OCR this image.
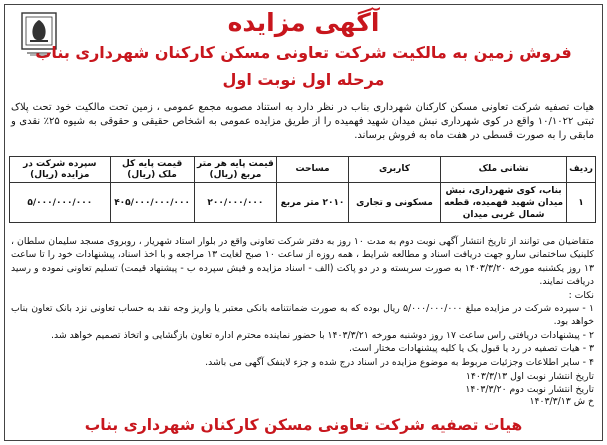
آگهی مزایده
فروش زمین به مالکیت شرکت تعاونی مسکن کارکنان شهرداری بناب
مرحله اول نوبت اول

هیات تصفیه شرکت تعاونی مسکن کارکنان شهرداری بناب در نظر دارد به استناد مصوبه مجمع عمومی ، زمین تحت مالکیت خود تحت پلاک ثبتی ۱۰/۱۰۲۲ واقع در کوی شهرداری نبش میدان شهید فهمیده را از طریق مزایده عمومی به اشخاص حقیقی و حقوقی به شیوه ۲۵٪ نقدی و مابقی را به صورت قسطی در هفت ماه به فروش برساند.

ردیف	نشانی ملک	کاربری	مساحت	قیمت پایه هر متر مربع (ریال)	قیمت پایه کل ملک (ریال)	سپرده شرکت در مزایده (ریال)
۱	بناب، کوی شهرداری، نبش میدان شهید فهمیده، قطعه شمال غربی میدان	مسکونی و تجاری	۲۰۱۰ متر مربع	۲۰۰/۰۰۰/۰۰۰	۴۰۵/۰۰۰/۰۰۰/۰۰۰	۵/۰۰۰/۰۰۰/۰۰۰

متقاضیان می توانند از تاریخ انتشار آگهی نوبت دوم به مدت ۱۰ روز به دفتر شرکت تعاونی واقع در بلوار استاد شهریار ، روبروی مسجد سلیمان سلطان ، کلینیک ساختمانی سارو جهت دریافت اسناد و مطالعه شرایط ، همه روزه از ساعت ۱۰ صبح لغایت ۱۳ مراجعه و با اخذ اسناد، پیشنهادات خود را تا ساعت ۱۳ روز یکشنبه مورخه ۱۴۰۳/۳/۲۰ به صورت سربسته و در دو پاکت (الف - اسناد مزایده و فیش سپرده ب - پیشنهاد قیمت) تسلیم تعاونی نموده و رسید دریافت نمایند.

نکات :

۱ - سپرده شرکت در مزایده مبلغ ۵/۰۰۰/۰۰۰/۰۰۰ ریال بوده که به صورت ضمانتنامه بانکی معتبر یا واریز وجه نقد به حساب تعاونی نزد بانک تعاون بناب خواهد بود.

۲ - پیشنهادات دریافتی راس ساعت ۱۷ روز دوشنبه مورخه ۱۴۰۳/۳/۲۱ با حضور نماینده محترم اداره تعاون بازگشایی و اتخاذ تصمیم خواهد شد.

۳ - هیات تصفیه در رد یا قبول یک یا کلیه پیشنهادات مختار است.

۴ - سایر اطلاعات وجزئیات مربوط به موضوع مزایده در اسناد درج شده و جزء لاینفک آگهی می باشد.

تاریخ انتشار نوبت اول ۱۴۰۳/۳/۱۳
تاریخ انتشار نوبت دوم ۱۴۰۳/۳/۲۰
خ ش ۱۴۰۳/۳/۱۳
هیات تصفیه شرکت تعاونی مسکن کارکنان شهرداری بناب
